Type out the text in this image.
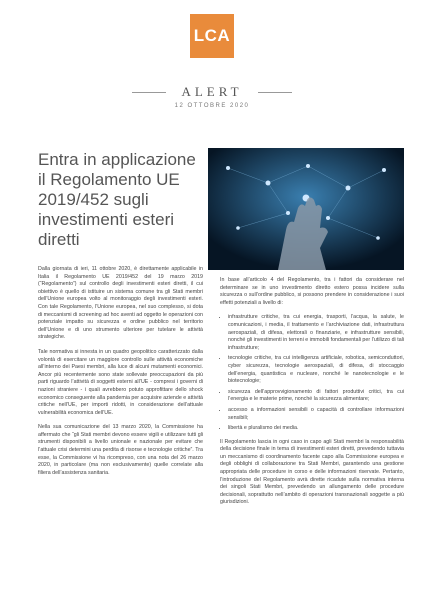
LCA
ALERT
12 OTTOBRE 2020
Entra in applicazione il Regolamento UE 2019/452 sugli investimenti esteri diretti

Dalla giornata di ieri, 11 ottobre 2020, è direttamente applicabile in Italia il Regolamento UE 2019/452 del 19 marzo 2019 (“Regolamento”) sul controllo degli investimenti esteri diretti, il cui obiettivo è quello di istituire un sistema comune tra gli Stati membri dell’Unione europea volto al monitoraggio degli investimenti esteri. Con tale Regolamento, l’Unione europea, nel suo complesso, si dota di meccanismi di screening ad hoc aventi ad oggetto le operazioni con potenziale impatto su sicurezza e ordine pubblico nel territorio dell’Unione e di uno strumento ulteriore per tutelare le attività strategiche.

Tale normativa si innesta in un quadro geopolitico caratterizzato dalla volontà di esercitare un maggiore controllo sulle attività economiche all’interno dei Paesi membri, alla luce di alcuni mutamenti economici. Ancor più recentemente sono state sollevate preoccupazioni da più parti riguardo l’attività di soggetti esterni all’UE - compresi i governi di nazioni straniere - i quali avrebbero potuto approfittare dello shock economico conseguente alla pandemia per acquisire aziende e attività critiche nell’UE, per importi ridotti, in considerazione dell’attuale vulnerabilità economica dell’UE.

Nella sua comunicazione del 13 marzo 2020, la Commissione ha affermato che “gli Stati membri devono essere vigili e utilizzare tutti gli strumenti disponibili a livello unionale e nazionale per evitare che l’attuale crisi determini una perdita di risorse e tecnologie critiche”. Tra esse, la Commissione vi ha ricompreso, con una nota del 26 marzo 2020, in particolare (ma non esclusivamente) quelle correlate alla filiera dell’assistenza sanitaria.

In base all’articolo 4 del Regolamento, tra i fattori da considerare nel determinare se in uno investimento diretto estero possa incidere sulla sicurezza o sull’ordine pubblico, si possono prendere in considerazione i suoi effetti potenziali a livello di:

• infrastrutture critiche, tra cui energia, trasporti, l’acqua, la salute, le comunicazioni, i media, il trattamento e l’archiviazione dati, infrastruttura aerospaziali, di difesa, elettorali o finanziarie, e infrastrutture sensibili, nonché gli investimenti in terreni e immobili fondamentali per l’utilizzo di tali infrastrutture;
• tecnologie critiche, tra cui intelligenza artificiale, robotica, semiconduttori, cyber sicurezza, tecnologie aerospaziali, di difesa, di stoccaggio dell’energia, quantistica e nucleare, nonché le nanotecnologie e le biotecnologie;
• sicurezza dell’approvvigionamento di fattori produttivi critici, tra cui l’energia e le materie prime, nonché la sicurezza alimentare;
• accesso a informazioni sensibili o capacità di controllare informazioni sensibili;
• libertà e pluralismo dei media.

Il Regolamento lascia in ogni caso in capo agli Stati membri la responsabilità della decisione finale in tema di investimenti esteri diretti, prevedendo tuttavia un meccanismo di coordinamento facente capo alla Commissione europea e degli obblighi di collaborazione tra Stati Membri, garantendo una gestione appropriata delle procedure in corso e delle informazioni riservate. Pertanto, l’introduzione del Regolamento avrà dirette ricadute sulla normativa interna dei singoli Stati Membri, prevedendo un allungamento delle procedure decisionali, soprattutto nell’ambito di operazioni transnazionali soggette a più giurisdizioni.
